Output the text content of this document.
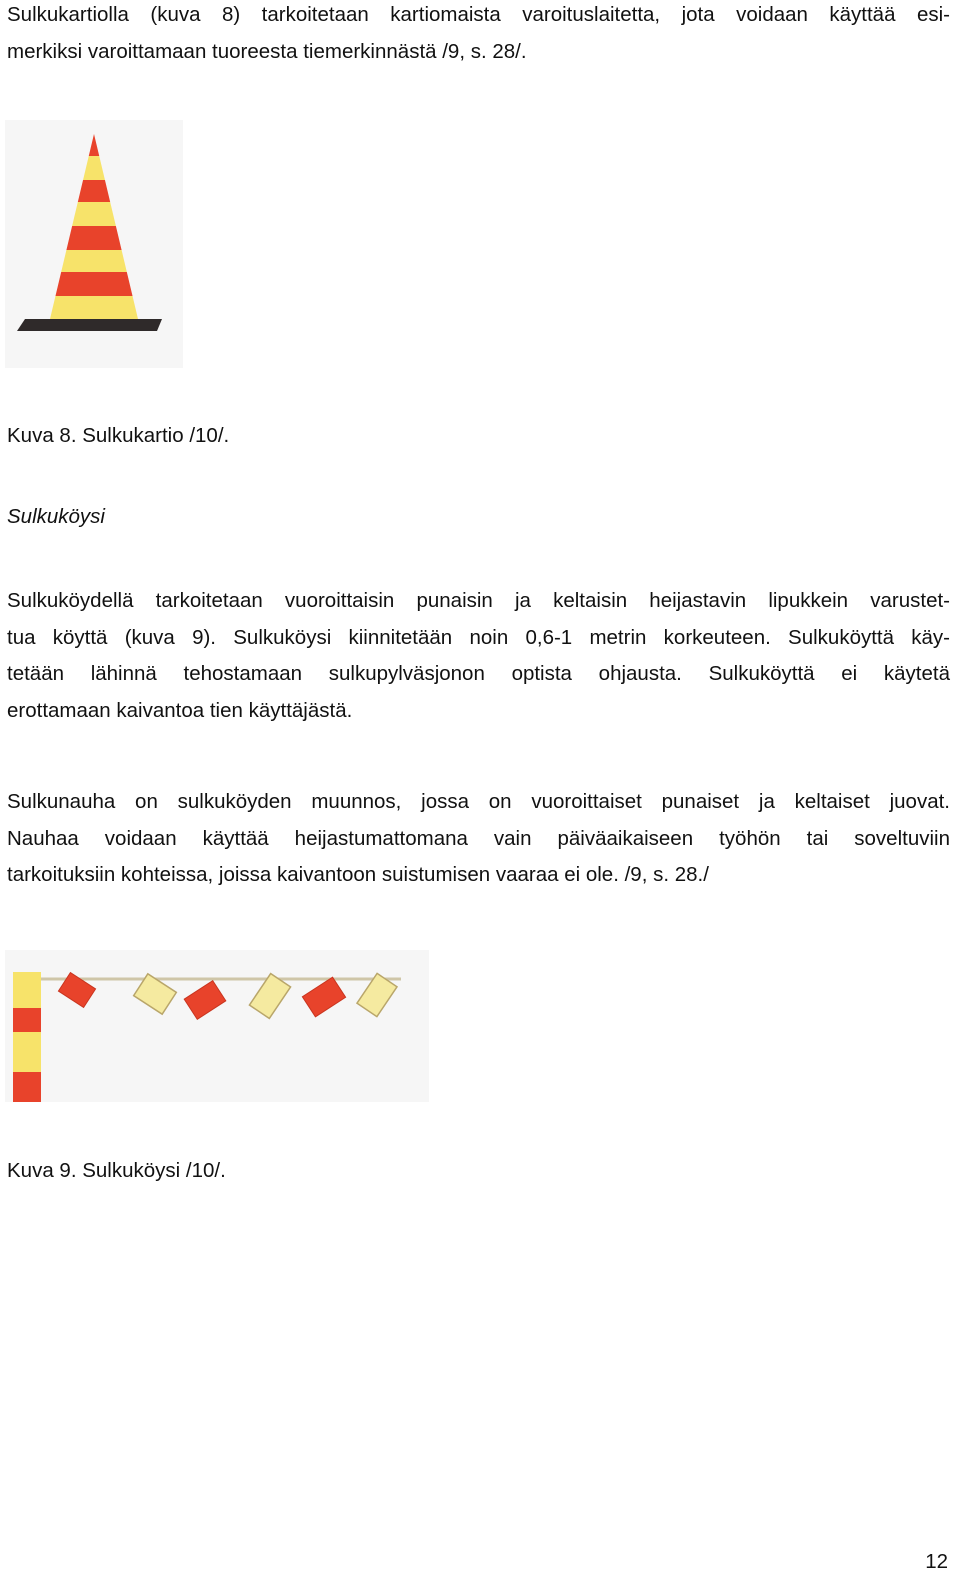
Sulkukartiolla (kuva 8) tarkoitetaan kartiomaista varoituslaitetta, jota voidaan käyttää esi-
merkiksi varoittamaan tuoreesta tiemerkinnästä /9, s. 28/.

Kuva 8. Sulkukartio /10/.

Sulkuköysi

Sulkuköydellä tarkoitetaan vuoroittaisin punaisin ja keltaisin heijastavin lipukkein varustet-
tua köyttä (kuva 9). Sulkuköysi kiinnitetään noin 0,6-1 metrin korkeuteen. Sulkuköyttä käy-
tetään lähinnä tehostamaan sulkupylväsjonon optista ohjausta. Sulkuköyttä ei käytetä
erottamaan kaivantoa tien käyttäjästä.
Sulkunauha on sulkuköyden muunnos, jossa on vuoroittaiset punaiset ja keltaiset juovat.
Nauhaa voidaan käyttää heijastumattomana vain päiväaikaiseen työhön tai soveltuviin
tarkoituksiin kohteissa, joissa kaivantoon suistumisen vaaraa ei ole. /9, s. 28./

Kuva 9. Sulkuköysi /10/.

12
